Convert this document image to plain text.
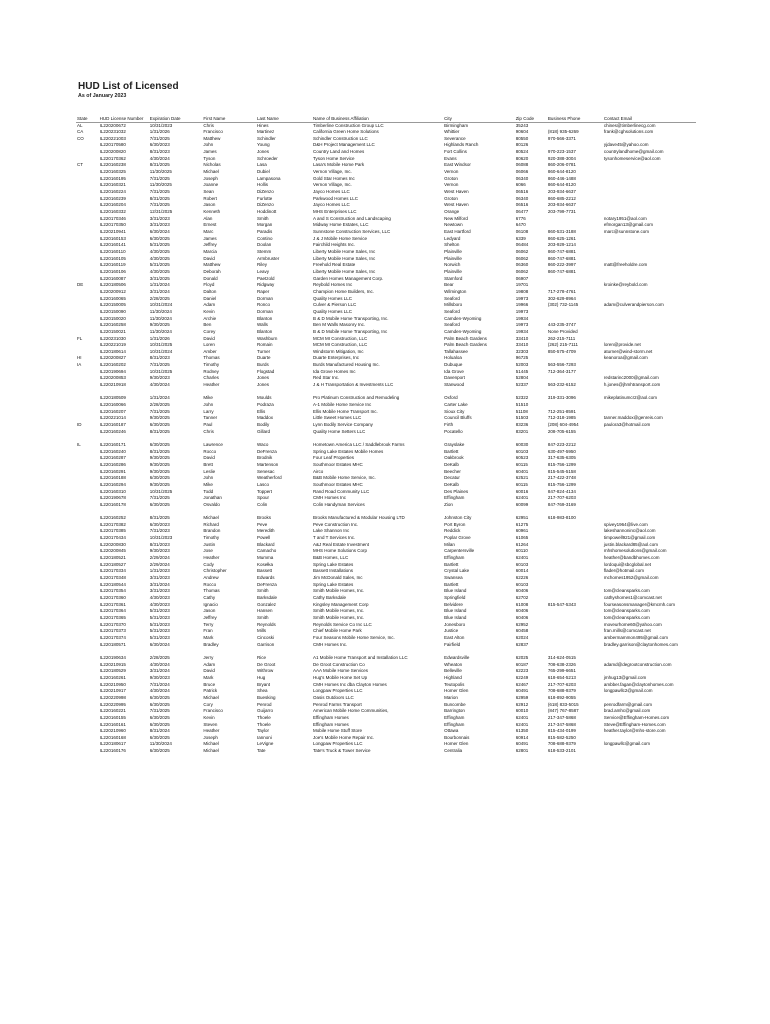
HUD List of Licensed
As of January 2023
State	HUD License Number	Expiration Date	First Name	Last Name	Name of Business Affiliation	City	Zip Code	Business Phone	Contact Email
AL	IL220200672	10/31/2023	Chris	Hines	Timberline Construction Group LLC	Birmingham	35243		chines@timberlinecg.com
CA	IL220231032	1/31/2026	Francisco	Martinez	California Green Home Solutions	Whittier	90604	(818) 935-6269	frank@cghsolutions.com
CO	IL220221003	7/31/2025	Matthew	Schindler	Schindler Construction LLC	Severance	80550	970-566-3371	
	IL220170580	6/30/2023	John	Young	D&H Project Management LLC	Highlands Ranch	80126		yjdave45@yahoo.com
	IL220200820	8/31/2023	James	Jones	Country Land and Homes	Fort Collins	80524	970-223-1537	countrylandhome@gmail.com
	IL220170362	4/30/2024	Tyson	Schroeder	Tyson Home Service	Evans	80620	920-388-3004	tysonhomeservice@aol.com
CT	IL220160238	8/31/2025	Nicholas	Lasa	Lasa's Mobile Home Park	East Windsor	06088	860-206-0781	
	IL220160325	11/30/2025	Michael	Dubiel	Vernon Village, Inc.	Vernon	06066	860-644-8120	
	IL220160195	7/31/2025	Joseph	Lampasona	Gold Star Homes Inc	Groton	06340	860-446-1488	
	IL220160321	11/30/2025	Joanne	Hollis	Vernon Village, Inc.	Vernon	6066	860-644-8120	
	IL220160224	7/31/2025	Sean	DiZenzo	Jayco Homes LLC	West Haven	06516	203-934-6637	
	IL220160239	8/31/2025	Robert	Furlotte	Parkwood Homes LLC	Groton	06340	860-685-2212	
	IL220160204	7/31/2025	Jason	DiZenzo	Jayco Homes LLC	West Haven	06516	203-934-6637	
	IL220160332	12/31/2025	Kenneth	Hoddinott	MHS Enterprises LLC	Orange	06477	203-799-7731	
	IL220170346	3/31/2023	Alan	Smith	A and S Construction and Landscaping	New Milford	6776		notary1951@aol.com
	IL220170350	3/31/2023	Ernest	Morgan	Midway Home Estates, LLC	Newtown	6470		efmorgan13@gmail.com
	IL220210941	6/30/2024	Marc	Paradis	Sunnstone Construction Services, LLC	East Hartford	06108	860-531-3188	marc@sunnstone.com
	IL220160153	6/30/2025	James	Contino	J & J Mobile Home Service	Ledyard	6339	860-625-1261	
	IL220160141	5/31/2025	Jeffrey	Doolan	Fairchild Heights Inc.	Shelton	06484	203-929-1214	
	IL220160110	4/30/2025	Marcia	Stemm	Liberty Mobile Home Sales, Inc	Plainville	06062	860-747-6881	
	IL220160105	4/30/2025	David	Armbruster	Liberty Mobile Home Sales, Inc	Plainville	06062	860-747-6881	
	IL220160119	5/31/2025	Matthew	Riley	Freehold Real Estate	Norwich	06360	860-222-3997	matt@freeholdre.com
	IL220160106	4/30/2025	Deborah	Leavy	Liberty Mobile Home Sales, Inc	Plainville	06062	860-747-6881	
	IL220160087	3/31/2025	Donald	Paetzold	Garden Homes Management Corp.	Stamford	06907		
DE	IL220180506	1/31/2024	Floyd	Ridgway	Reybold Homes Inc	Bear	19701		kroinke@reybold.com
	IL220200912	3/31/2024	Dalton	Raper	Champion Home Builders, Inc.	Wilmington	19808	717-278-4761	
	IL220160065	2/28/2025	Daniel	Dorman	Quality Homes LLC	Seaford	19973	302-629-8964	
	IL220150005	10/31/2024	Adam	Ronco	Culver & Pierson LLC	Millsboro	19966	(302) 732-1145	adam@culverandpierson.com
	IL220150090	11/30/2024	Kevin	Dorman	Quality Homes LLC	Seaford	19973		
	IL220150020	11/30/2024	Archie	Blanton	B & D Mobile Home Transporting, Inc.	Camden-Wyoming	19934		
	IL220160258	9/30/2025	Ben	Walls	Ben M Walls Masonry Inc.	Seaford	19973	443-235-3747	
	IL220150021	11/30/2024	Corey	Blanton	B & D Mobile Home Transporting, Inc	Camden-Wyoming	19934	None Provided	
FL	IL220231030	1/31/2026	David	Washburn	MCM MI Construction, LLC	Palm Beach Gardens	33410	262-215-7111	
	IL220221019	10/31/2025	Loren	Romain	MCM MI Construction, LLC	Palm Beach Gardens	33410	(262) 215-7111	loren@provide.net
	IL220180614	10/31/2024	Amber	Turner	Windstorm Mitigation, Inc	Tallahassee	32303	850-575-4709	aturner@wind-storm.net
HI	IL220200827	8/31/2023	Thomas	Duarte	Duarte Enterprises, Inc	Holualoa	96725		keanoroa@gmail.com
IA	IL220160202	7/31/2025	Timothy	Burds	Burds Manufactured Housing Inc.	Dubuque	52003	563-556-7293	
	IL220190694	10/31/2025	Rodney	Flogstad	Ida Grove Homes Inc	Ida Grove	51445	712-364-3177	
	IL220200853	9/30/2023	Charles	Jones	Red Star Inc.	Davenport	52804		redstarinc2000@gmail.com
	IL220210918	4/30/2024	Heather	Jones	J & H Transportation & Investments LLC	Stanwood	52337	563-232-6152	h.jones@jhmhtransport.com
	IL220180509	1/31/2024	Mike	Moulds	Pro Platinum Construction and Remodeling	Oxford	52322	319-331-3096	mikeplatinumcr2@aol.com
	IL220160066	2/28/2025	John	Podraza	A-1 Mobile Home Service Inc	Carter Lake	51510		
	IL220160207	7/31/2025	Larry	Ellis	Ellis Mobile Home Transport Inc.	Sioux City	51108	712-251-8591	
	IL220221014	9/30/2025	Tanner	Maddox	Little Sweet Homes LLC	Council Bluffs	51503	712-318-1985	tanner.maddox@genreis.com
ID	IL220160187	6/30/2025	Paul	Bodily	Lynn Bodily Service Company	Firth	83236	(208) 604-4954	paulora3@hotmail.com
	IL220160246	8/31/2025	Chris	Gillard	Quality Home Setters LLC	Pocatello	83201	208-705-6155	
IL	IL220160171	6/30/2025	Lawrence	Waco	Hometown America LLC / Saddlebrook Farms	Grayslake	60030	847-223-2212	
	IL220160240	8/31/2025	Rocco	DeFrenza	Spring Lake Estates Mobile Homes	Bartlett	60103	630-497-5950	
	IL220160287	9/30/2025	David	Brodnik	Four Leaf Properties	Oakbrook	60523	317-635-6305	
	IL220160286	9/30/2025	Brett	Martenson	Southmoor Estates MHC	DeKalb	60115	815-756-1299	
	IL220160291	9/30/2025	Leslie	Senesac	Airco	Beecher	60401	815-545-5158	
	IL220160188	6/30/2025	John	Weatherford	B&B Mobile Home Service, Inc.	Decatur	62521	217-422-3748	
	IL220160294	9/30/2025	Mike	Lasco	Southmoor Estates MHC	DeKalb	60115	815-756-1299	
	IL220160310	10/31/2025	Todd	Toppert	Rand Road Community LLC	Des Plaines	60016	847-824-4134	
	IL220190678	7/31/2025	Jonathan	Spour	CMH Homes Inc	Effingham	62401	217-707-6203	
	IL220160178	6/30/2025	Osvaldo	Colin	Colin Handyman Services	Zion	60099	847-769-3169	
	IL220160252	8/31/2025	Michael	Brooks	Brooks Manufactured & Modular Housing LTD	Johnston City	62951	618-983-8100	
	IL220170382	6/30/2023	Richard	Peve	Peve Construction Inc.	Port Byron	61275		spivey1964@live.com
	IL220170385	7/31/2023	Brandon	Meredith	Lake Shannon Inc	Reddick	60961		lakeshannoninc@aol.com
	IL220170434	10/31/2023	Timothy	Powell	T and T Services Inc.	Poplar Grove	61065		timpowell921@gmail.com
	IL220200830	8/31/2023	Justin	Blackard	A&J Real Estate Investment	Milan	61264		justin.blackard85@aol.com
	IL220200845	9/30/2023	Jose	Camacho	MHS Home Solutions Corp	Carpentersville	60110		mhshomesolutions@gmail.com
	IL220180521	2/29/2024	Heather	Mumma	B&B Homes, LLC	Effingham	62401		heather@bandbhomes.com
	IL220180527	2/29/2024	Cody	Kosełka	Spring Lake Estates	Bartlett	60103		lordoqui@sbcglobal.net
	IL220170334	1/31/2023	Christopher	Bassett	Bassett Installations	Crystal Lake	60014		flader@hotmail.com
	IL220170348	3/31/2023	Andrew	Edwards	Jim McDonald Sales, Inc	Swansea	62226		mchomes1952@gmail.com
	IL220180544	3/31/2024	Rocco	DeFrenza	Spring Lake Estates	Bartlett	60103		
	IL220170354	3/31/2023	Thomas	Smith	Smith Mobile Homes, Inc.	Blue Island	60406		tom@cleansparks.com
	IL220170360	4/30/2023	Cathy	Barksdale	Cathy Barksdale	Springfield	62702		cathyshomes1@comcast.net
	IL220170361	4/30/2023	Ignacio	Gonzalez	Kingsley Management Corp	Belvidere	61008	815-547-5343	fourseasonsmanager@kmcmh.com
	IL220170364	5/31/2023	Jason	Hansen	Smith Mobile Homes, Inc.	Blue Island	60406		tom@cleansparks.com
	IL220170365	5/31/2023	Jeffrey	Smith	Smith Mobile Homes, Inc.	Blue Island	60406		tom@cleansparks.com
	IL220170370	5/31/2023	Terry	Reynolds	Reynolds Service Co Inc LLC	Jonesboro	62952		moveurhome60@yahoo.com
	IL220170373	5/31/2023	Fran	Mills	Chief Mobile Home Park	Justice	60458		fran.mills@comcast.net
	IL220170374	5/31/2023	Mark	Cincoski	Four Seasons Mobile Home Service, Inc.	East Alton	62024		ambermammon495@gmail.com
	IL220180571	6/30/2024	Bradley	Garrison	CMH Homes Inc.	Fairfield	62837		bradley.garrison@claytonhomes.com
	IL220190634	2/28/2025	Jerry	Rice	A1 Mobile Home Transport and Installation LLC	Edwardsville	62025	314-624-0515	
	IL220210915	4/30/2024	Adam	De Groot	De Groot Construction Co	Wheaton	60187	708-638-2326	adamd@degrootconstruction.com
	IL220180529	3/31/2024	David	Withrow	AAA Mobile Home Services	Belleville	62223	765-299-6651	
	IL220160261	9/30/2023	Mark	Hug	Hug's Mobile Home Set Up	Highland	62249	618-654-5213	jmhug13@gmail.com
	IL220210950	7/31/2024	Bruce	Bryant	CMH Homes Inc dba Clayton Homes	Teutopolis	62467	217-707-6203	ambber.fagan@claytonhomes.com
	IL220210917	4/30/2024	Patrick	Shea	Longpaw Properties LLC	Homer Glen	60491	708-688-9379	longpawllc2@gmail.com
	IL220220998	6/30/2025	Michael	Buesking	Oasis Outdoors LLC	Marion	62959	618-892-9055	
	IL220220995	6/30/2025	Cory	Penrod	Penrod Farms Transport	Buncombe	62912	(618) 833-5015	penrodfarm@gmail.com
	IL220160221	7/31/2025	Francisco	Guijarro	American Mobile Home Communities,	Barrington	60010	(847) 767-8587	brad.amhc@gmail.com
	IL220160155	6/30/2025	Kevin	Thoele	Effingham Homes	Effingham	62401	217-347-5868	Service@Effingham-Homes.com
	IL220160161	6/30/2025	Steven	Thoele	Effingham Homes	Effingham	62401	217-347-5868	Steve@Effingham-Homes.com
	IL220210960	8/31/2024	Heather	Taylor	Mobile Home Stuff Store	Ottawa	61350	815-434-0199	heather.taylor@mhs-store.com
	IL220160168	6/30/2025	Joseph	Iannoni	Joe's Mobile Home Repair Inc.	Bourbonnais	60914	815-582-5250	
	IL220180617	11/30/2024	Michael	LeVigne	Longpaw Properties LLC	Homer Glen	60491	708-688-9379	longpawllc@gmail.com
	IL220160176	6/30/2025	Michael	Tate	Tate's Truck & Tower Service	Centralia	62801	618-533-2101	
